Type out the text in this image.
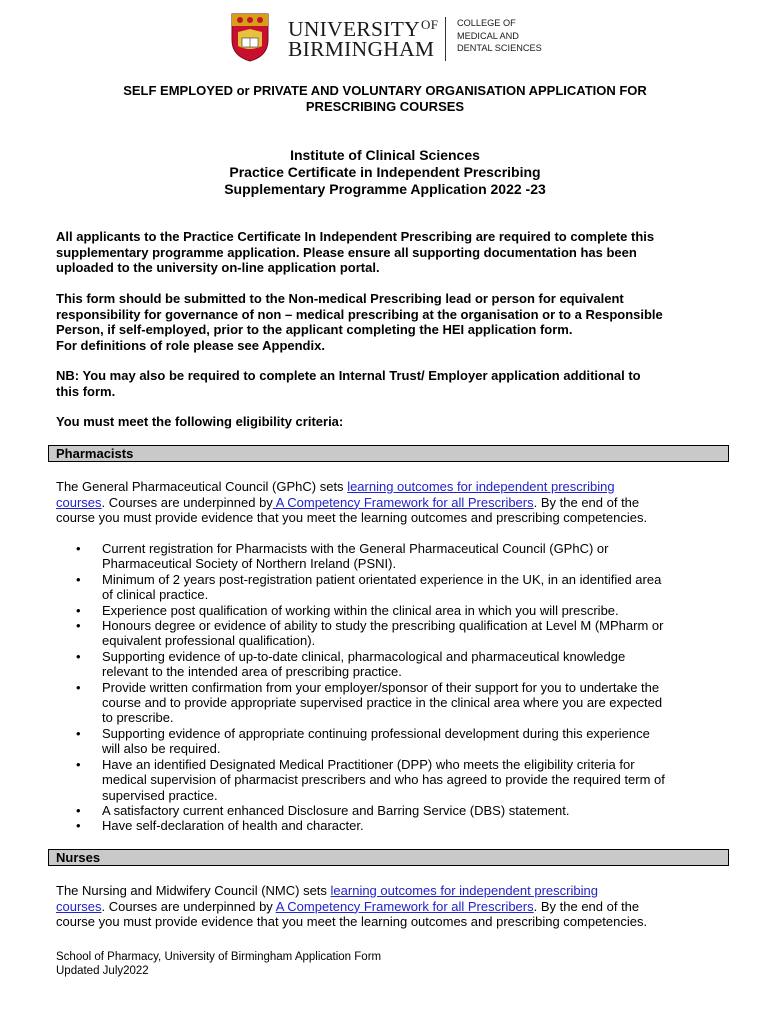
$UNIVERSITY^{OF}$
BIRMINGHAM
COLLEGE OF
MEDICAL AND
DENTAL SCIENCES
SELF EMPLOYED or PRIVATE AND VOLUNTARY ORGANISATION APPLICATION FOR
PRESCRIBING COURSES
Institute of Clinical Sciences
Practice Certificate in Independent Prescribing
Supplementary Programme Application 2022 -23
All applicants to the Practice Certificate In Independent Prescribing are required to complete this
supplementary programme application. Please ensure all supporting documentation has been
uploaded to the university on-line application portal.
This form should be submitted to the Non-medical Prescribing lead or person for equivalent
responsibility for governance of non – medical prescribing at the organisation or to a Responsible
Person, if self-employed, prior to the applicant completing the HEI application form.
For definitions of role please see Appendix.
NB: You may also be required to complete an Internal Trust/ Employer application additional to
this form.
You must meet the following eligibility criteria:
Pharmacists
The General Pharmaceutical Council (GPhC) sets learning outcomes for independent prescribing
courses. Courses are underpinned by A Competency Framework for all Prescribers. By the end of the
course you must provide evidence that you meet the learning outcomes and prescribing competencies.
• Current registration for Pharmacists with the General Pharmaceutical Council (GPhC) or
Pharmaceutical Society of Northern Ireland (PSNI).
• Minimum of 2 years post-registration patient orientated experience in the UK, in an identified area
of clinical practice.
• Experience post qualification of working within the clinical area in which you will prescribe.
• Honours degree or evidence of ability to study the prescribing qualification at Level M (MPharm or
equivalent professional qualification).
• Supporting evidence of up-to-date clinical, pharmacological and pharmaceutical knowledge
relevant to the intended area of prescribing practice.
• Provide written confirmation from your employer/sponsor of their support for you to undertake the
course and to provide appropriate supervised practice in the clinical area where you are expected
to prescribe.
• Supporting evidence of appropriate continuing professional development during this experience
will also be required.
• Have an identified Designated Medical Practitioner (DPP) who meets the eligibility criteria for
medical supervision of pharmacist prescribers and who has agreed to provide the required term of
supervised practice.
• A satisfactory current enhanced Disclosure and Barring Service (DBS) statement.
• Have self-declaration of health and character.
Nurses
The Nursing and Midwifery Council (NMC) sets learning outcomes for independent prescribing
courses. Courses are underpinned by A Competency Framework for all Prescribers. By the end of the
course you must provide evidence that you meet the learning outcomes and prescribing competencies.
School of Pharmacy, University of Birmingham Application Form
Updated July2022
